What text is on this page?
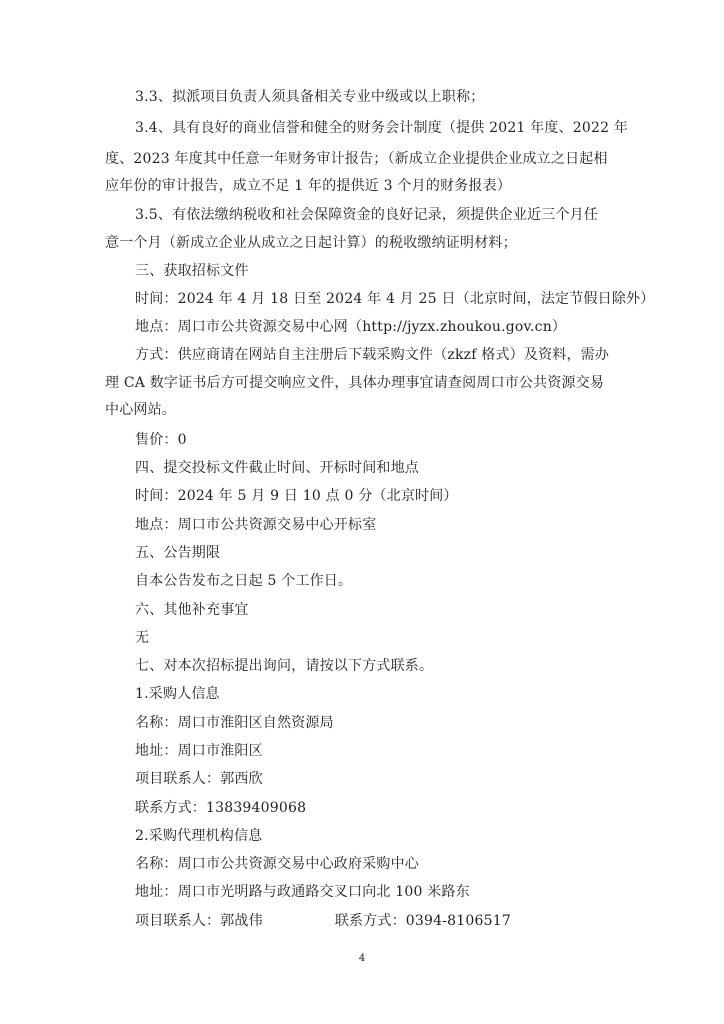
3.3、拟派项目负责人须具备相关专业中级或以上职称；
3.4、具有良好的商业信誉和健全的财务会计制度（提供 2021 年度、2022 年
度、2023 年度其中任意一年财务审计报告；（新成立企业提供企业成立之日起相
应年份的审计报告，成立不足 1 年的提供近 3 个月的财务报表）
3.5、有依法缴纳税收和社会保障资金的良好记录，须提供企业近三个月任
意一个月（新成立企业从成立之日起计算）的税收缴纳证明材料；
三、获取招标文件
时间：2024 年 4 月 18 日至 2024 年 4 月 25 日（北京时间，法定节假日除外）
地点：周口市公共资源交易中心网（http://jyzx.zhoukou.gov.cn）
方式：供应商请在网站自主注册后下载采购文件（zkzf 格式）及资料，需办
理 CA 数字证书后方可提交响应文件，具体办理事宜请查阅周口市公共资源交易
中心网站。
售价：0
四、提交投标文件截止时间、开标时间和地点
时间：2024 年 5 月 9 日 10 点 0 分（北京时间）
地点：周口市公共资源交易中心开标室
五、公告期限
自本公告发布之日起 5 个工作日。
六、其他补充事宜
无
七、对本次招标提出询问，请按以下方式联系。
1.采购人信息
名称：周口市淮阳区自然资源局
地址：周口市淮阳区
项目联系人：郭西欣
联系方式：13839409068
2.采购代理机构信息
名称：周口市公共资源交易中心政府采购中心
地址：周口市光明路与政通路交叉口向北 100 米路东
项目联系人：郭战伟	联系方式：0394-8106517
4
